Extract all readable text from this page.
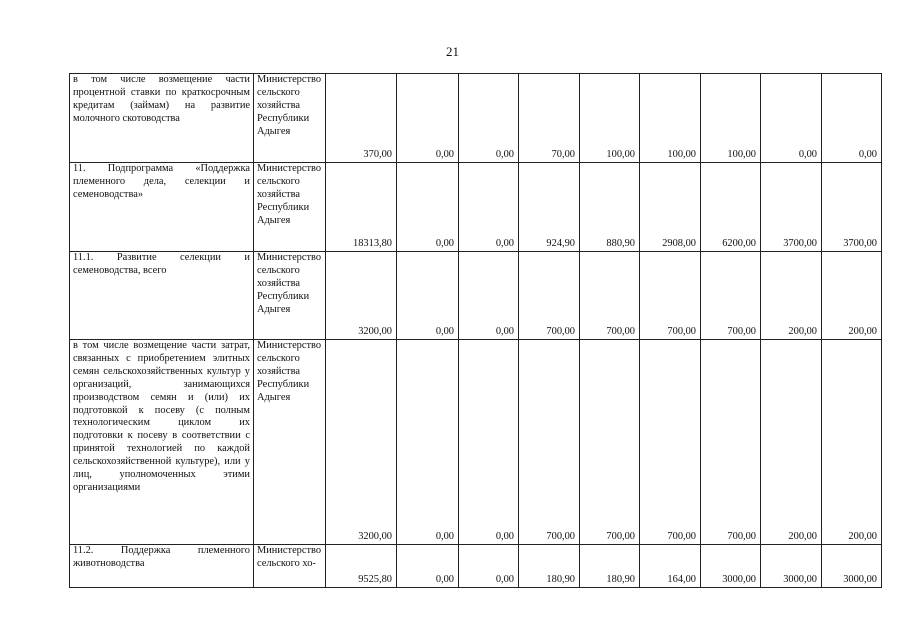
21
в том числе возмещение части процентной ставки по краткосрочным кредитам (займам) на развитие молочного скотоводства	Министерство сельского хозяйства Республики Адыгея	370,00	0,00	0,00	70,00	100,00	100,00	100,00	0,00	0,00
11. Подпрограмма «Поддержка племенного дела, селекции и семеноводства»	Министерство сельского хозяйства Республики Адыгея	18313,80	0,00	0,00	924,90	880,90	2908,00	6200,00	3700,00	3700,00
11.1. Развитие селекции и семеноводства, всего	Министерство сельского хозяйства Республики Адыгея	3200,00	0,00	0,00	700,00	700,00	700,00	700,00	200,00	200,00
в том числе возмещение части затрат, связанных с приобретением элитных семян сельскохозяйственных культур у организаций, занимающихся производством семян и (или) их подготовкой к посеву (с полным технологическим циклом их подготовки к посеву в соответствии с принятой технологией по каждой сельскохозяйственной культуре), или у лиц, уполномоченных этими организациями	Министерство сельского хозяйства Республики Адыгея	3200,00	0,00	0,00	700,00	700,00	700,00	700,00	200,00	200,00
11.2. Поддержка племенного животноводства	Министерство сельского хо-	9525,80	0,00	0,00	180,90	180,90	164,00	3000,00	3000,00	3000,00
